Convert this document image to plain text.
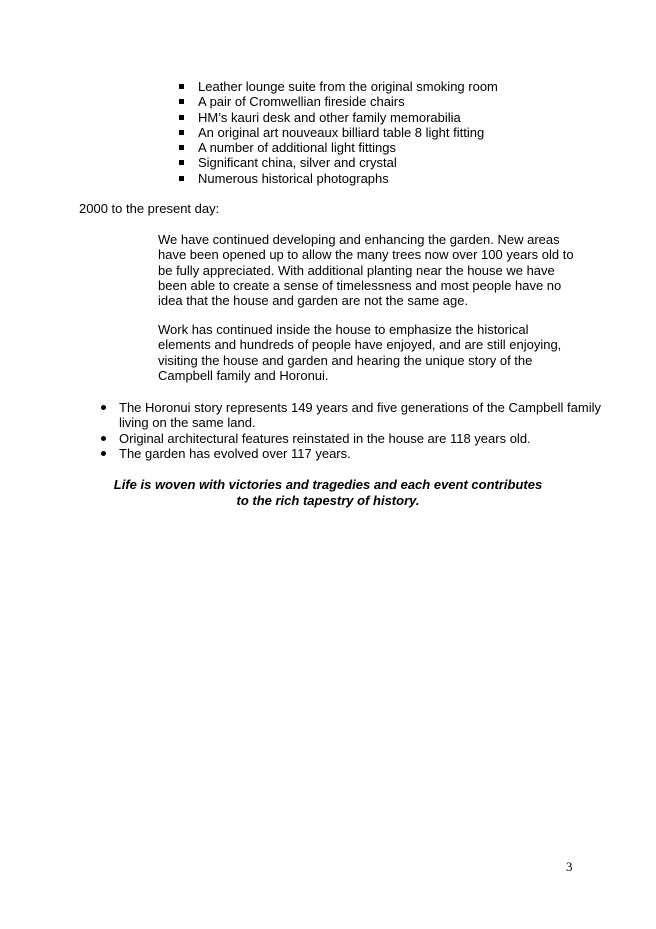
Leather lounge suite from the original smoking room
A pair of Cromwellian fireside chairs
HM’s kauri desk and other family memorabilia
An original art nouveaux billiard table 8 light fitting
A number of additional light fittings
Significant china, silver and crystal
Numerous historical photographs
2000 to the present day:

We have continued developing and enhancing the garden. New areas have been opened up to allow the many trees now over 100 years old to be fully appreciated. With additional planting near the house we have been able to create a sense of timelessness and most people have no idea that the house and garden are not the same age.

Work has continued inside the house to emphasize the historical elements and hundreds of people have enjoyed, and are still enjoying, visiting the house and garden and hearing the unique story of the Campbell family and Horonui.

The Horonui story represents 149 years and five generations of the Campbell family living on the same land.
Original architectural features reinstated in the house are 118 years old.
The garden has evolved over 117 years.

Life is woven with victories and tragedies and each event contributes
to the rich tapestry of history.

3
